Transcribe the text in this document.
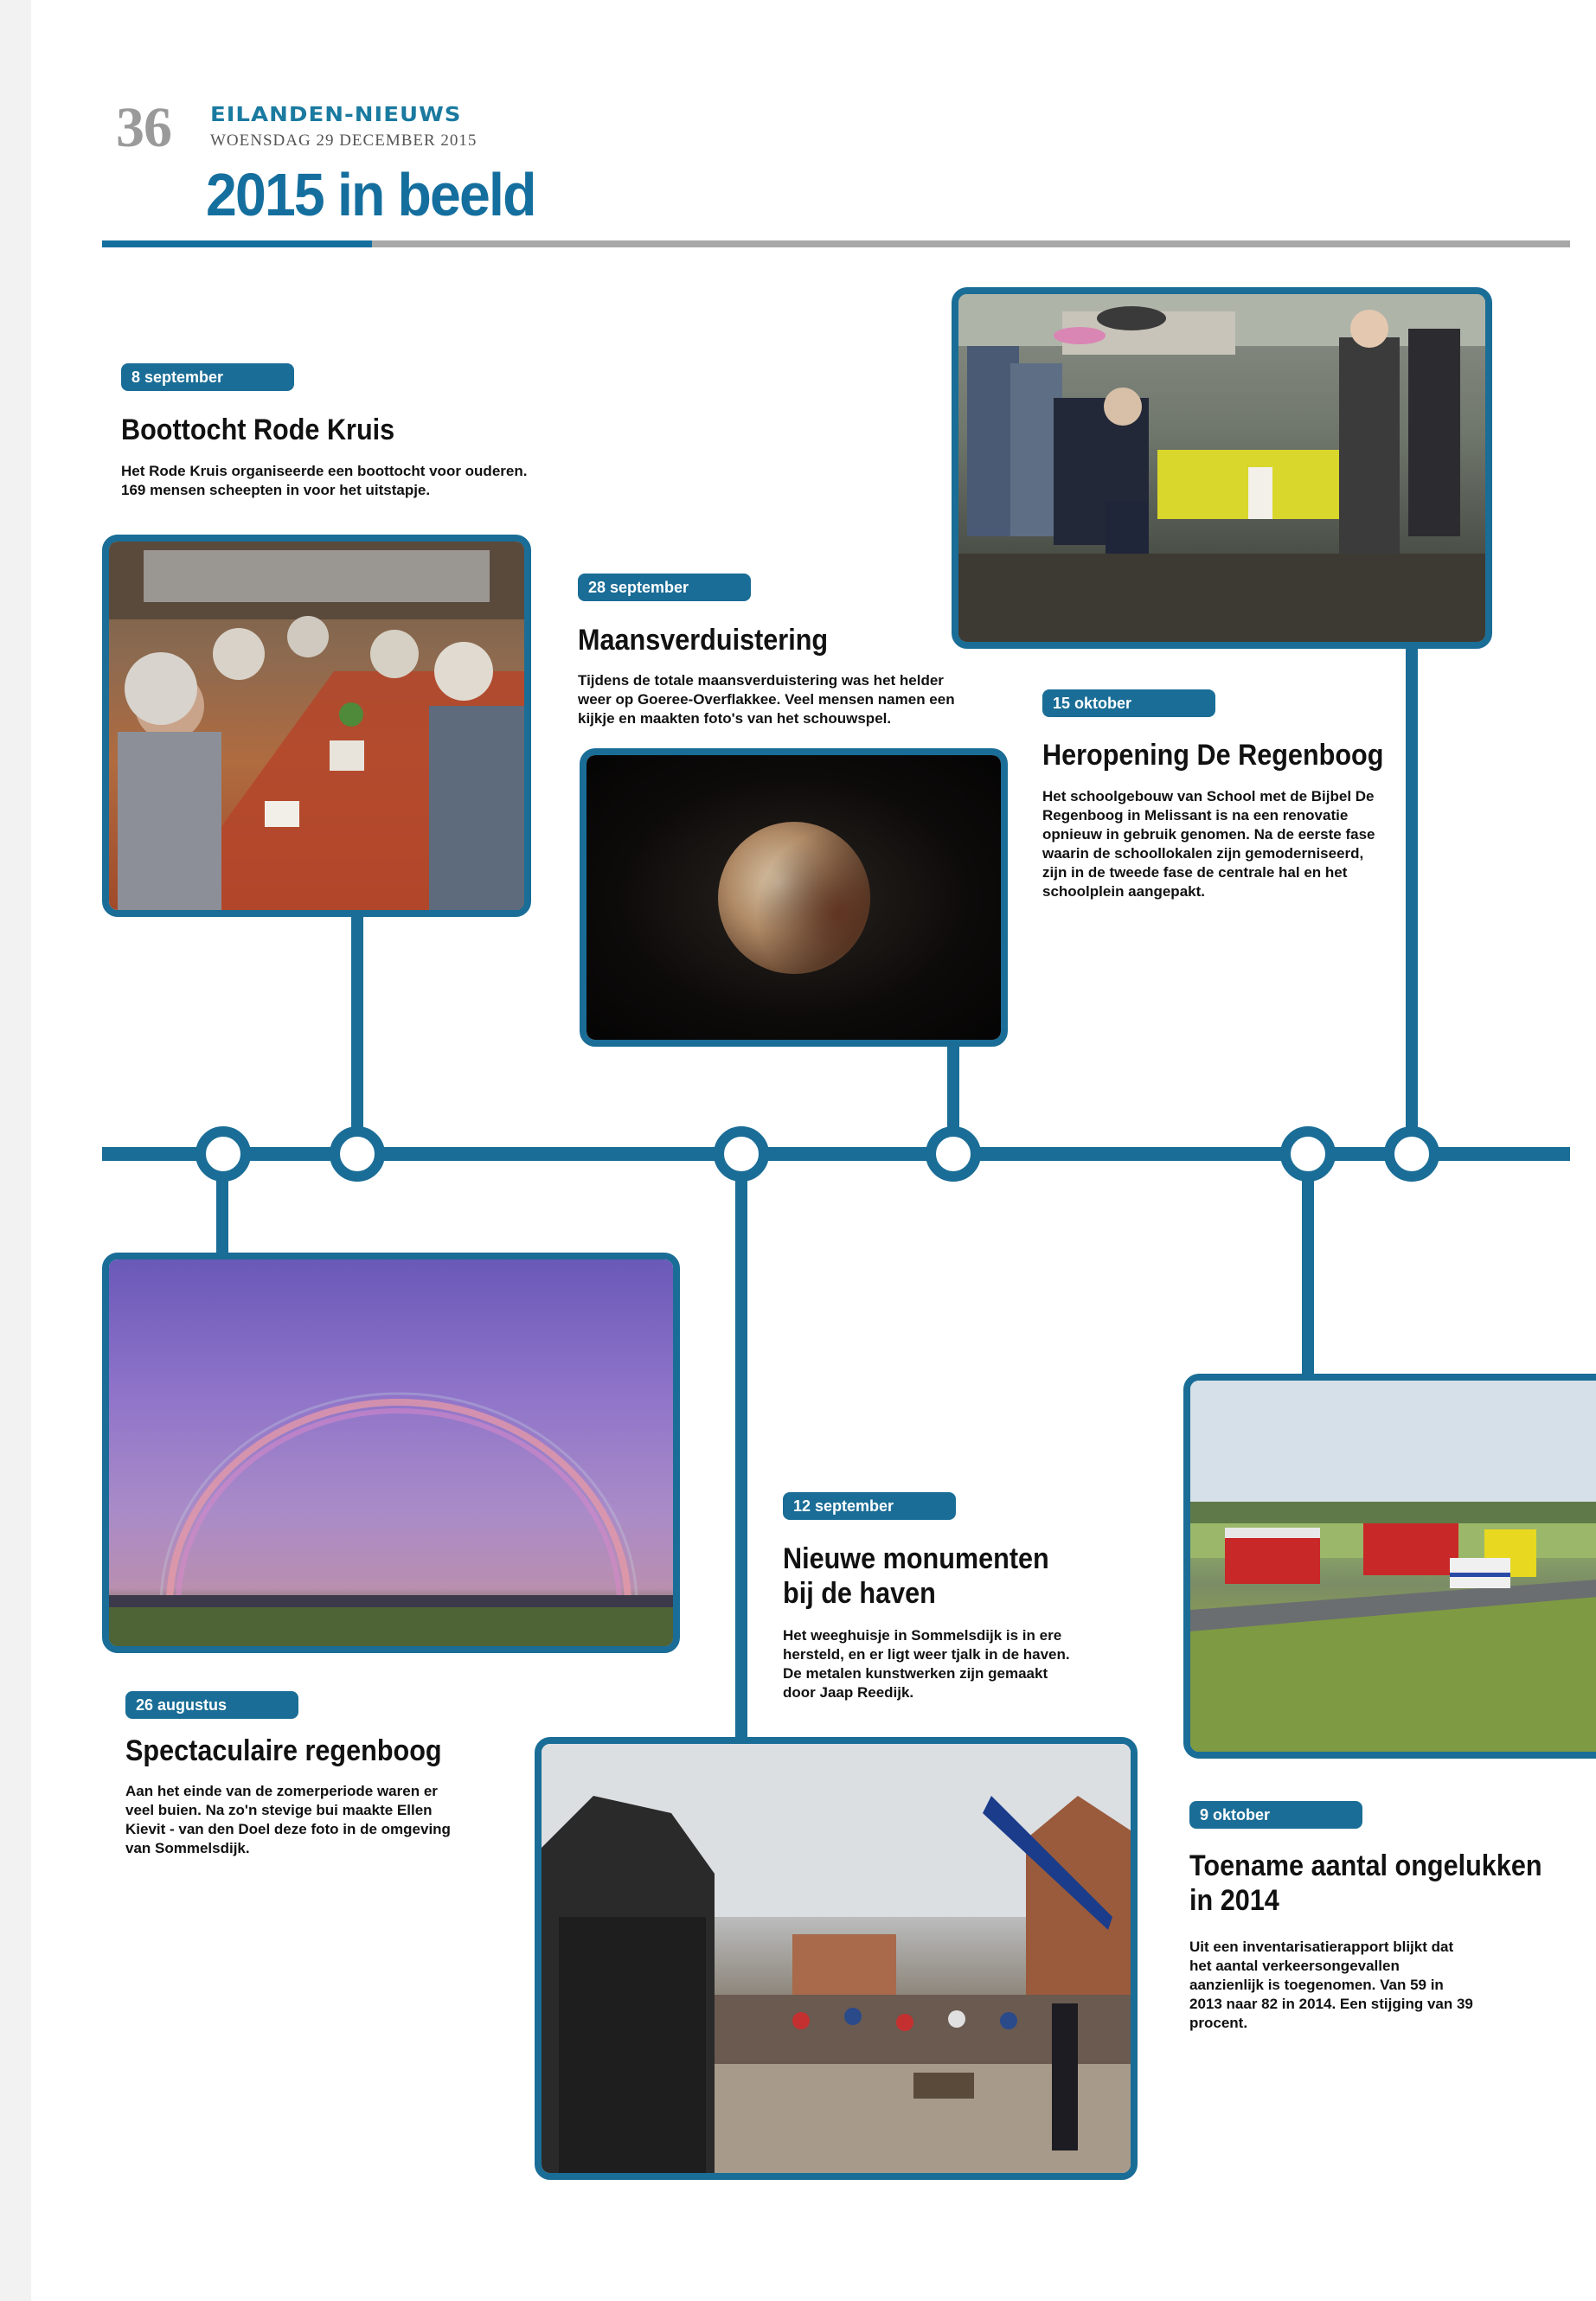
36 EILANDEN-NIEUWS
WOENSDAG 29 DECEMBER 2015
2015 in beeld
8 september
Boottocht Rode Kruis
Het Rode Kruis organiseerde een boottocht voor ouderen. 169 mensen scheepten in voor het uitstapje.
28 september
Maansverduistering
Tijdens de totale maansverduistering was het helder weer op Goeree-Overflakkee. Veel mensen namen een kijkje en maakten foto's van het schouwspel.
15 oktober
Heropening De Regenboog
Het schoolgebouw van School met de Bijbel De Regenboog in Melissant is na een renovatie opnieuw in gebruik genomen. Na de eerste fase waarin de schoollokalen zijn gemoderniseerd, zijn in de tweede fase de centrale hal en het schoolplein aangepakt.
26 augustus
Spectaculaire regenboog
Aan het einde van de zomerperiode waren er veel buien. Na zo'n stevige bui maakte Ellen Kievit - van den Doel deze foto in de omgeving van Sommelsdijk.
12 september
Nieuwe monumenten bij de haven
Het weeghuisje in Sommelsdijk is in ere hersteld, en er ligt weer tjalk in de haven. De metalen kunstwerken zijn gemaakt door Jaap Reedijk.
9 oktober
Toename aantal ongelukken in 2014
Uit een inventarisatierapport blijkt dat het aantal verkeersongevallen aanzienlijk is toegenomen. Van 59 in 2013 naar 82 in 2014. Een stijging van 39 procent.
